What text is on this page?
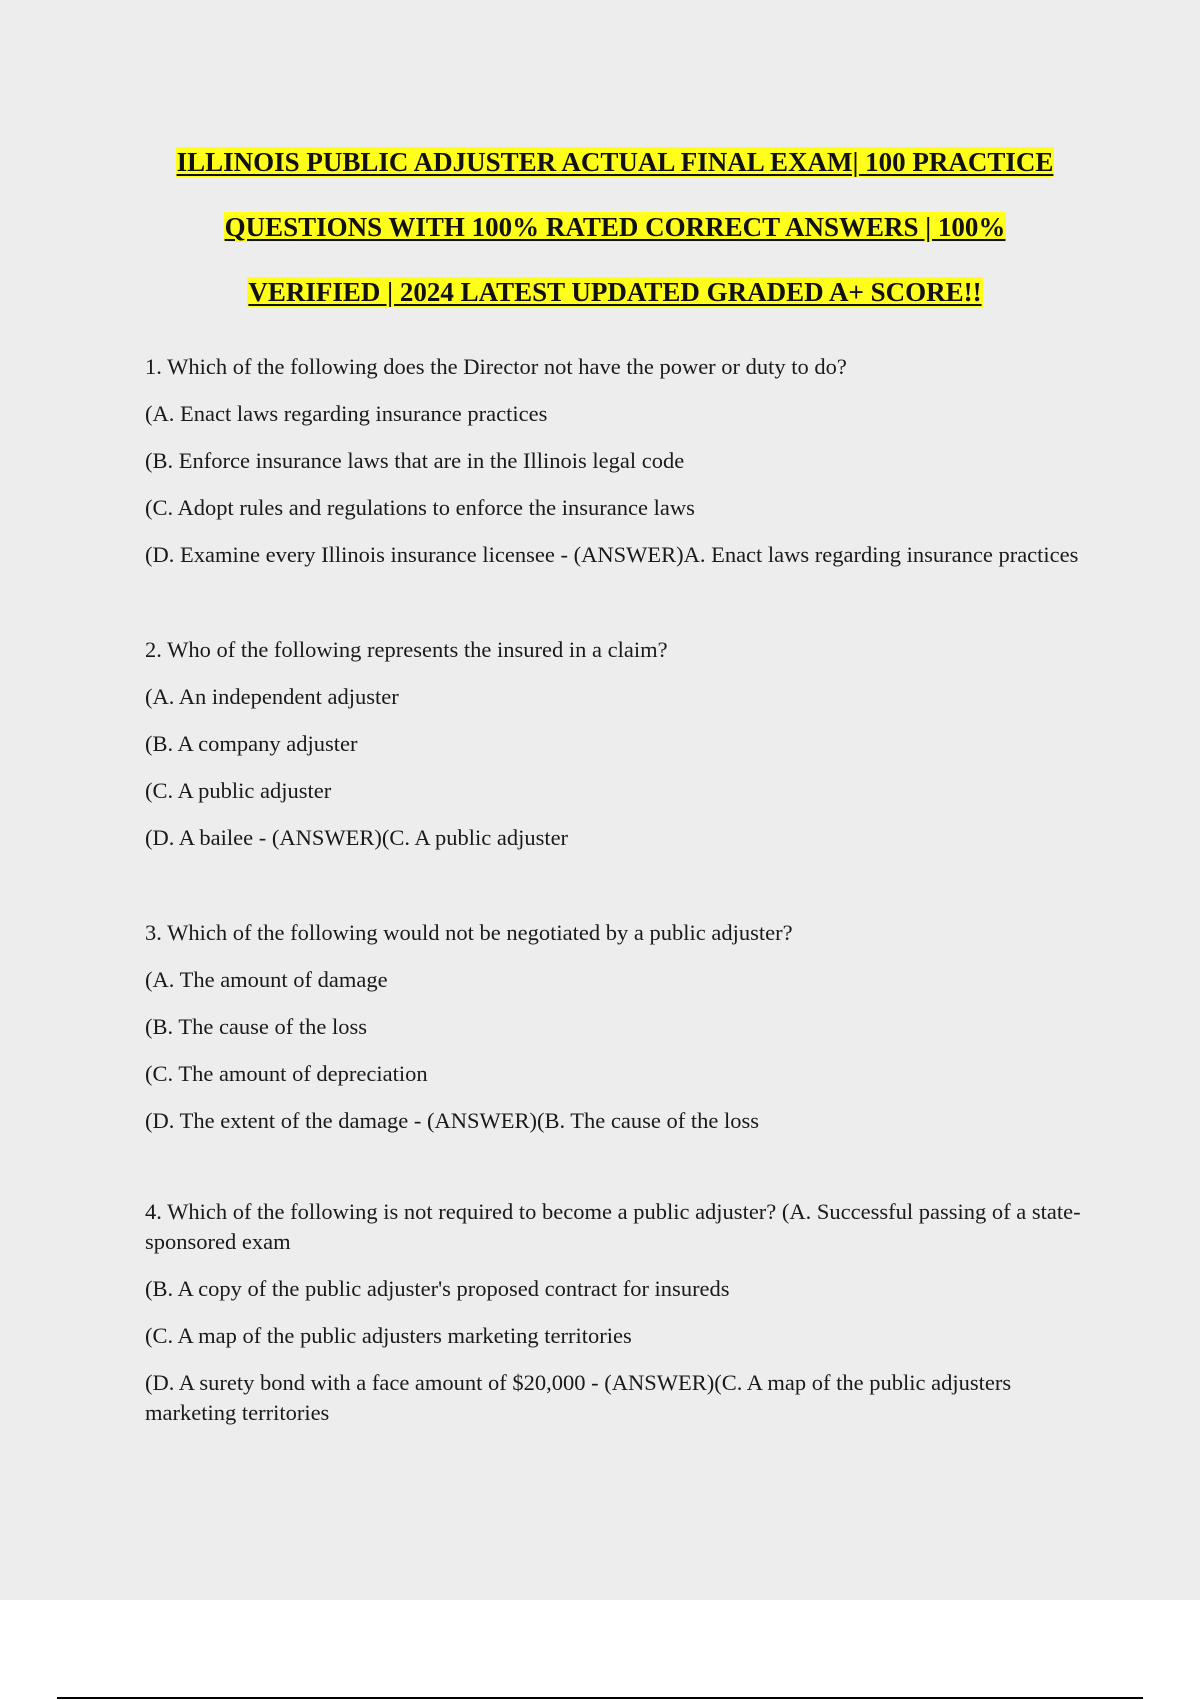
ILLINOIS PUBLIC ADJUSTER ACTUAL FINAL EXAM| 100 PRACTICE
QUESTIONS WITH 100% RATED CORRECT ANSWERS | 100%
VERIFIED | 2024 LATEST UPDATED GRADED A+ SCORE!!

1. Which of the following does the Director not have the power or duty to do?

(A. Enact laws regarding insurance practices

(B. Enforce insurance laws that are in the Illinois legal code

(C. Adopt rules and regulations to enforce the insurance laws

(D. Examine every Illinois insurance licensee - (ANSWER)A. Enact laws regarding insurance practices

2. Who of the following represents the insured in a claim?

(A. An independent adjuster

(B. A company adjuster

(C. A public adjuster

(D. A bailee - (ANSWER)(C. A public adjuster

3. Which of the following would not be negotiated by a public adjuster?

(A. The amount of damage

(B. The cause of the loss

(C. The amount of depreciation

(D. The extent of the damage - (ANSWER)(B. The cause of the loss

4. Which of the following is not required to become a public adjuster? (A. Successful passing of a state-sponsored exam

(B. A copy of the public adjuster's proposed contract for insureds

(C. A map of the public adjusters marketing territories

(D. A surety bond with a face amount of $20,000 - (ANSWER)(C. A map of the public adjusters marketing territories
